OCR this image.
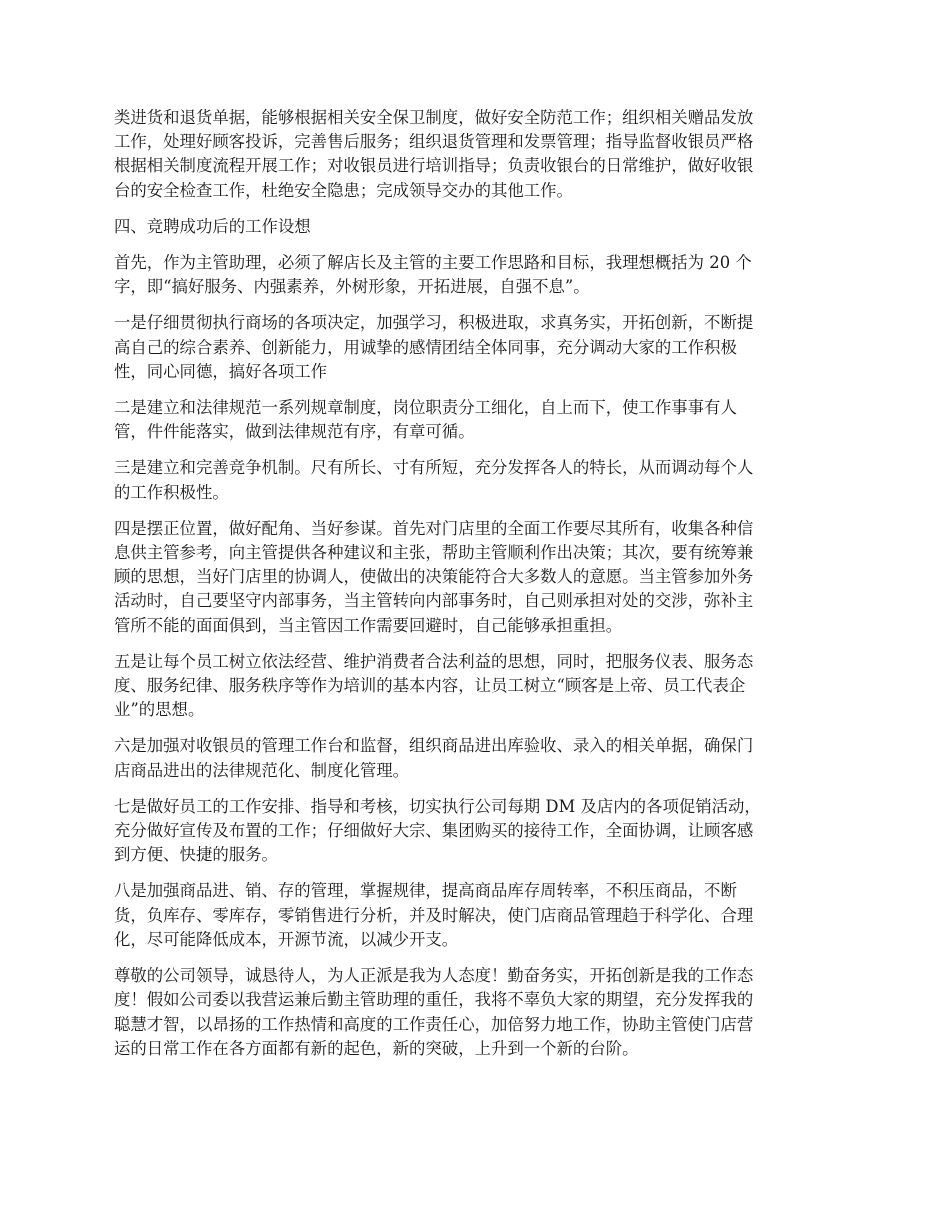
类进货和退货单据，能够根据相关安全保卫制度，做好安全防范工作；组织相关赠品发放
工作，处理好顾客投诉，完善售后服务；组织退货管理和发票管理；指导监督收银员严格
根据相关制度流程开展工作；对收银员进行培训指导；负责收银台的日常维护，做好收银
台的安全检查工作，杜绝安全隐患；完成领导交办的其他工作。

四、竞聘成功后的工作设想

首先，作为主管助理，必须了解店长及主管的主要工作思路和目标，我理想概括为 20 个
字，即“搞好服务、内强素养，外树形象，开拓进展，自强不息”。

一是仔细贯彻执行商场的各项决定，加强学习，积极进取，求真务实，开拓创新，不断提
高自己的综合素养、创新能力，用诚挚的感情团结全体同事，充分调动大家的工作积极
性，同心同德，搞好各项工作

二是建立和法律规范一系列规章制度，岗位职责分工细化，自上而下，使工作事事有人
管，件件能落实，做到法律规范有序，有章可循。

三是建立和完善竞争机制。尺有所长、寸有所短，充分发挥各人的特长，从而调动每个人
的工作积极性。

四是摆正位置，做好配角、当好参谋。首先对门店里的全面工作要尽其所有，收集各种信
息供主管参考，向主管提供各种建议和主张，帮助主管顺利作出决策；其次，要有统筹兼
顾的思想，当好门店里的协调人，使做出的决策能符合大多数人的意愿。当主管参加外务
活动时，自己要坚守内部事务，当主管转向内部事务时，自己则承担对处的交涉，弥补主
管所不能的面面俱到，当主管因工作需要回避时，自己能够承担重担。

五是让每个员工树立依法经营、维护消费者合法利益的思想，同时，把服务仪表、服务态
度、服务纪律、服务秩序等作为培训的基本内容，让员工树立“顾客是上帝、员工代表企
业”的思想。

六是加强对收银员的管理工作台和监督，组织商品进出库验收、录入的相关单据，确保门
店商品进出的法律规范化、制度化管理。

七是做好员工的工作安排、指导和考核，切实执行公司每期 DM 及店内的各项促销活动，
充分做好宣传及布置的工作；仔细做好大宗、集团购买的接待工作，全面协调，让顾客感
到方便、快捷的服务。

八是加强商品进、销、存的管理，掌握规律，提高商品库存周转率，不积压商品，不断
货，负库存、零库存，零销售进行分析，并及时解决，使门店商品管理趋于科学化、合理
化，尽可能降低成本，开源节流，以减少开支。

尊敬的公司领导，诚恳待人，为人正派是我为人态度！勤奋务实，开拓创新是我的工作态
度！假如公司委以我营运兼后勤主管助理的重任，我将不辜负大家的期望，充分发挥我的
聪慧才智，以昂扬的工作热情和高度的工作责任心，加倍努力地工作，协助主管使门店营
运的日常工作在各方面都有新的起色，新的突破，上升到一个新的台阶。
